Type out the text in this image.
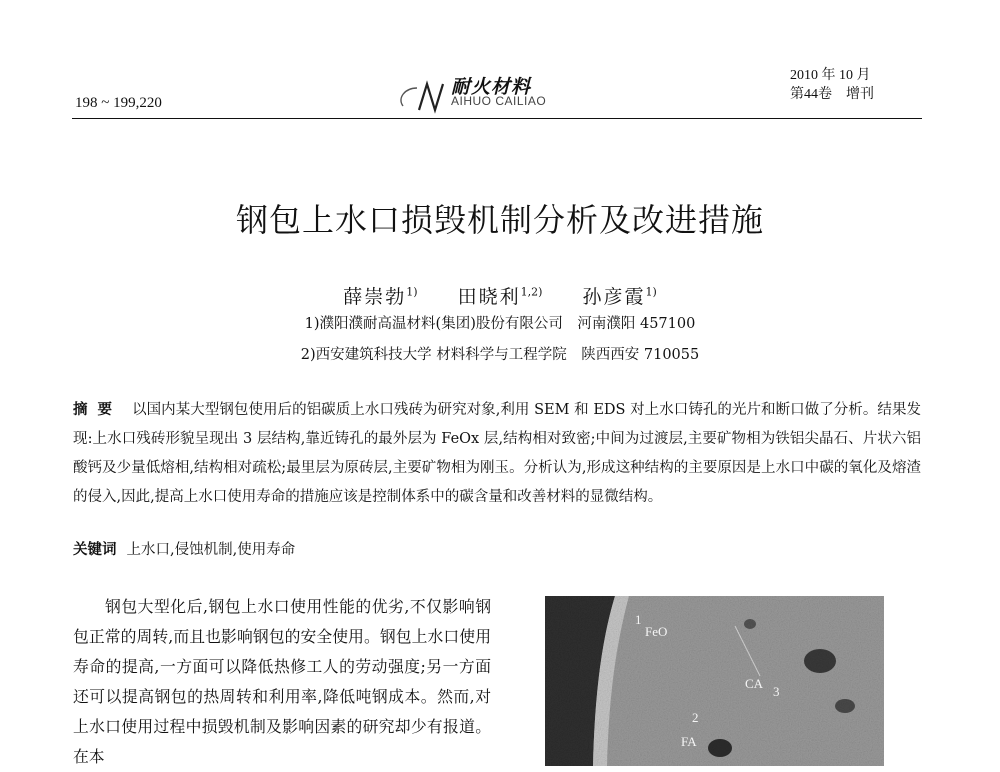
198 ~ 199,220
耐火材料
AIHUO CAILIAO
2010 年 10 月
第44卷　增刊
钢包上水口损毁机制分析及改进措施
薛崇勃$^{1)}$ 田晓利$^{1,2)}$ 孙彦霞$^{1)}$
1)濮阳濮耐高温材料(集团)股份有限公司　河南濮阳 457100
2)西安建筑科技大学 材料科学与工程学院　陕西西安 710055
摘要 以国内某大型钢包使用后的铝碳质上水口残砖为研究对象,利用 SEM 和 EDS 对上水口铸孔的光片和断口做了分析。结果发现:上水口残砖形貌呈现出 3 层结构,靠近铸孔的最外层为 FeOx 层,结构相对致密;中间为过渡层,主要矿物相为铁铝尖晶石、片状六铝酸钙及少量低熔相,结构相对疏松;最里层为原砖层,主要矿物相为刚玉。分析认为,形成这种结构的主要原因是上水口中碳的氧化及熔渣的侵入,因此,提高上水口使用寿命的措施应该是控制体系中的碳含量和改善材料的显微结构。
关键词 上水口,侵蚀机制,使用寿命
钢包大型化后,钢包上水口使用性能的优劣,不仅影响钢包正常的周转,而且也影响钢包的安全使用。钢包上水口使用寿命的提高,一方面可以降低热修工人的劳动强度;另一方面还可以提高钢包的热周转和利用率,降低吨钢成本。然而,对上水口使用过程中损毁机制及影响因素的研究却少有报道。在本
1
FeO
CA
3
2
FA
